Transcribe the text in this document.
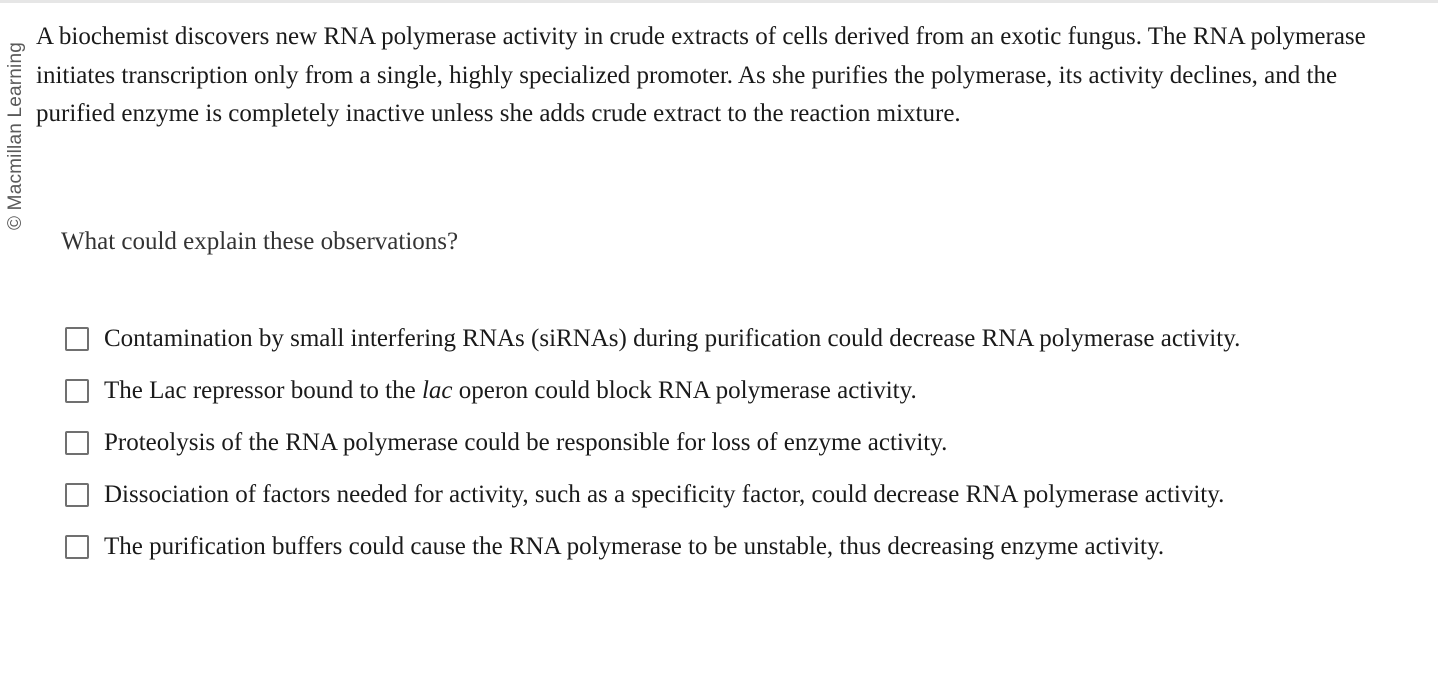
© Macmillan Learning

A biochemist discovers new RNA polymerase activity in crude extracts of cells derived from an exotic fungus. The RNA polymerase initiates transcription only from a single, highly specialized promoter. As she purifies the polymerase, its activity declines, and the purified enzyme is completely inactive unless she adds crude extract to the reaction mixture.

What could explain these observations?

Contamination by small interfering RNAs (siRNAs) during purification could decrease RNA polymerase activity.
The Lac repressor bound to the lac operon could block RNA polymerase activity.
Proteolysis of the RNA polymerase could be responsible for loss of enzyme activity.
Dissociation of factors needed for activity, such as a specificity factor, could decrease RNA polymerase activity.
The purification buffers could cause the RNA polymerase to be unstable, thus decreasing enzyme activity.
